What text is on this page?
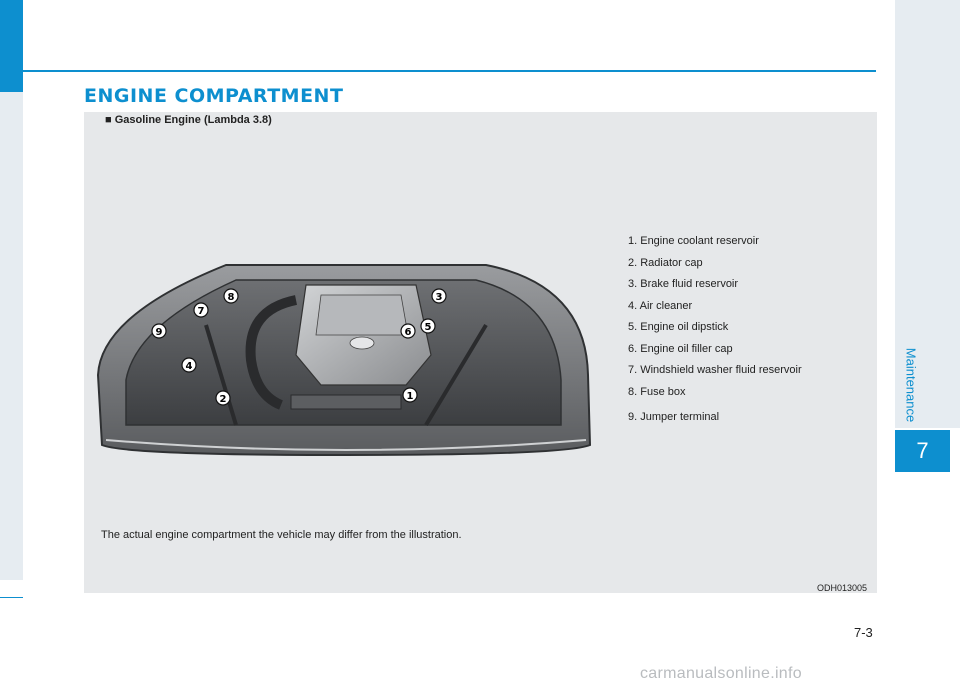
ENGINE COMPARTMENT
Maintenance
7
■ Gasoline Engine (Lambda 3.8)
1
2
3
4
5
6
7
8
9
1. Engine coolant reservoir
2. Radiator cap
3. Brake fluid reservoir
4. Air cleaner
5. Engine oil dipstick
6. Engine oil filler cap
7. Windshield washer fluid reservoir
8. Fuse box
9. Jumper terminal
The actual engine compartment the vehicle may differ from the illustration.
ODH013005
7-3
carmanualsonline.info
